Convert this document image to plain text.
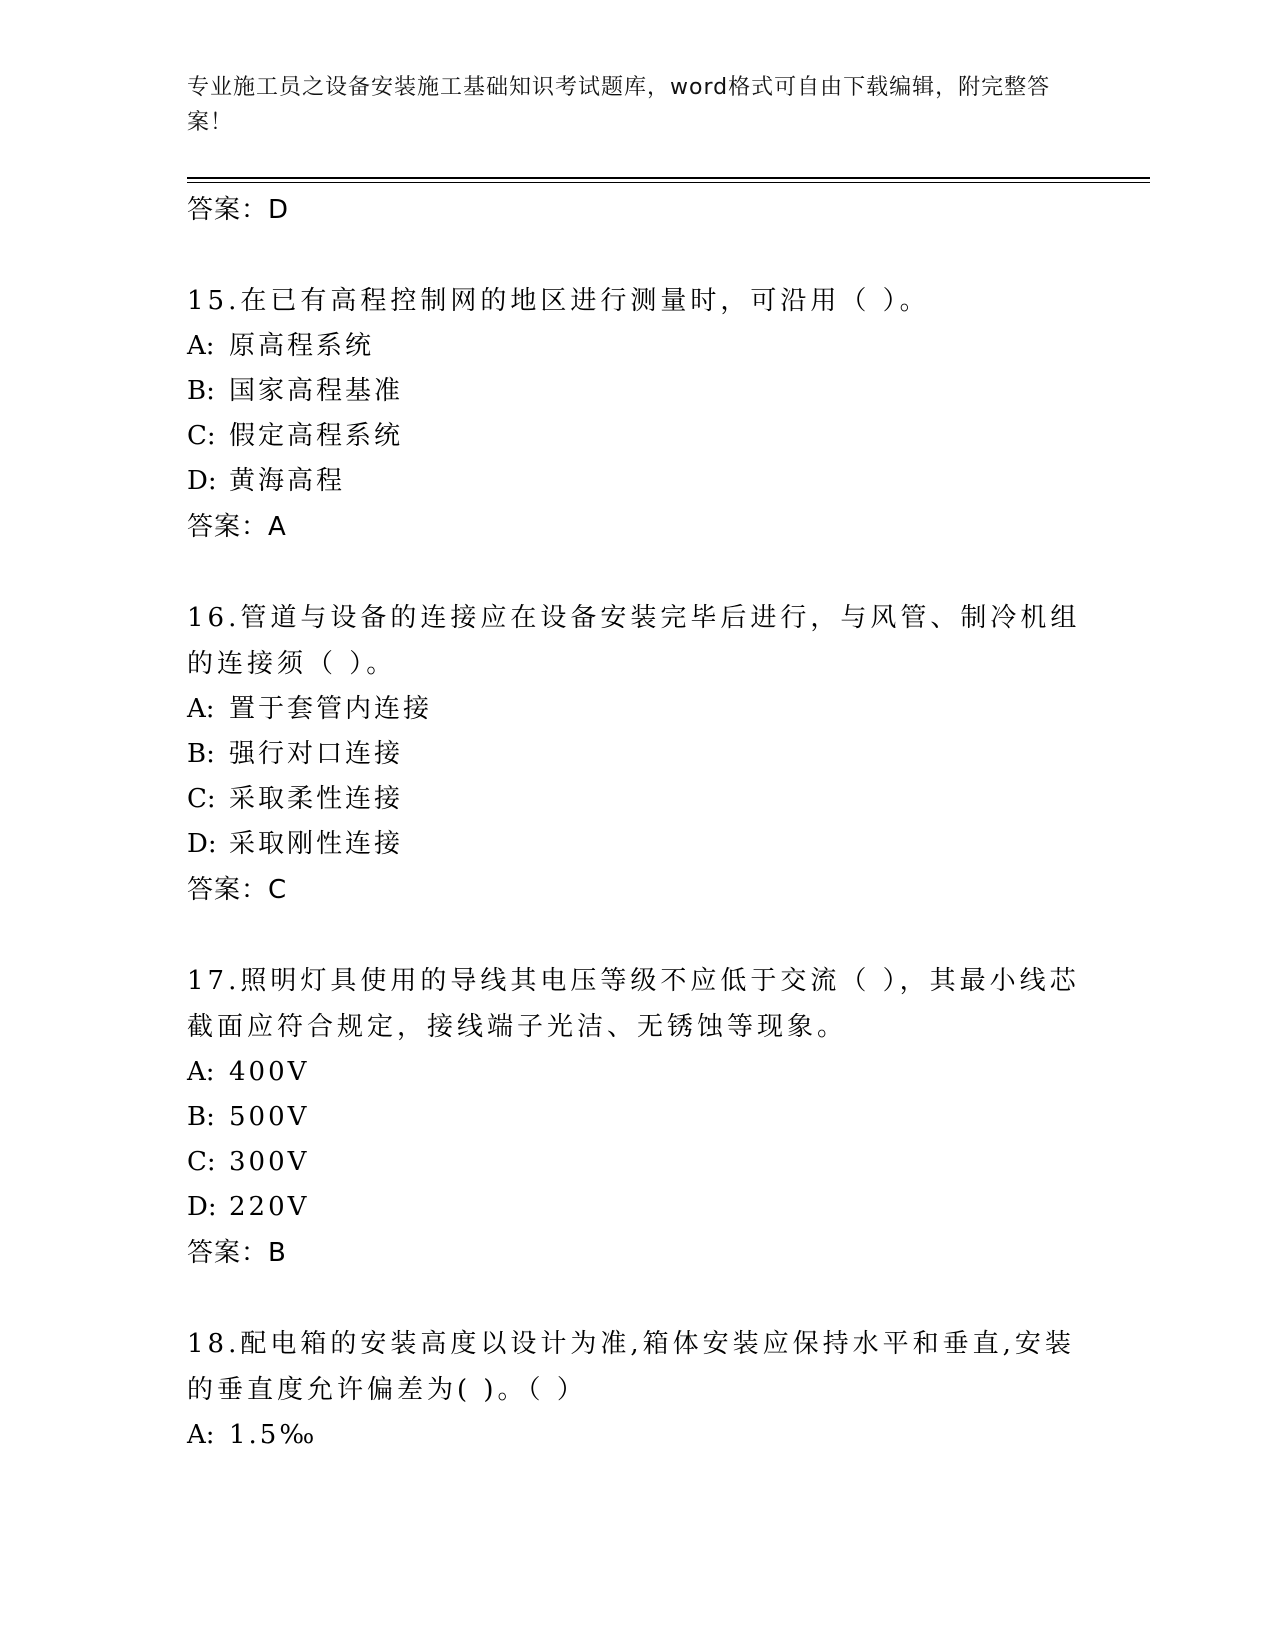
专业施工员之设备安装施工基础知识考试题库，word格式可自由下载编辑，附完整答案！
答案：D
15.在已有高程控制网的地区进行测量时，可沿用（ ）。
A: 原高程系统
B: 国家高程基准
C: 假定高程系统
D: 黄海高程
答案：A
16.管道与设备的连接应在设备安装完毕后进行，与风管、制冷机组的连接须（ ）。
A: 置于套管内连接
B: 强行对口连接
C: 采取柔性连接
D: 采取刚性连接
答案：C
17.照明灯具使用的导线其电压等级不应低于交流（ ），其最小线芯截面应符合规定，接线端子光洁、无锈蚀等现象。
A: 400V
B: 500V
C: 300V
D: 220V
答案：B
18.配电箱的安装高度以设计为准,箱体安装应保持水平和垂直,安装的垂直度允许偏差为( )。（ ）
A: 1.5‰
